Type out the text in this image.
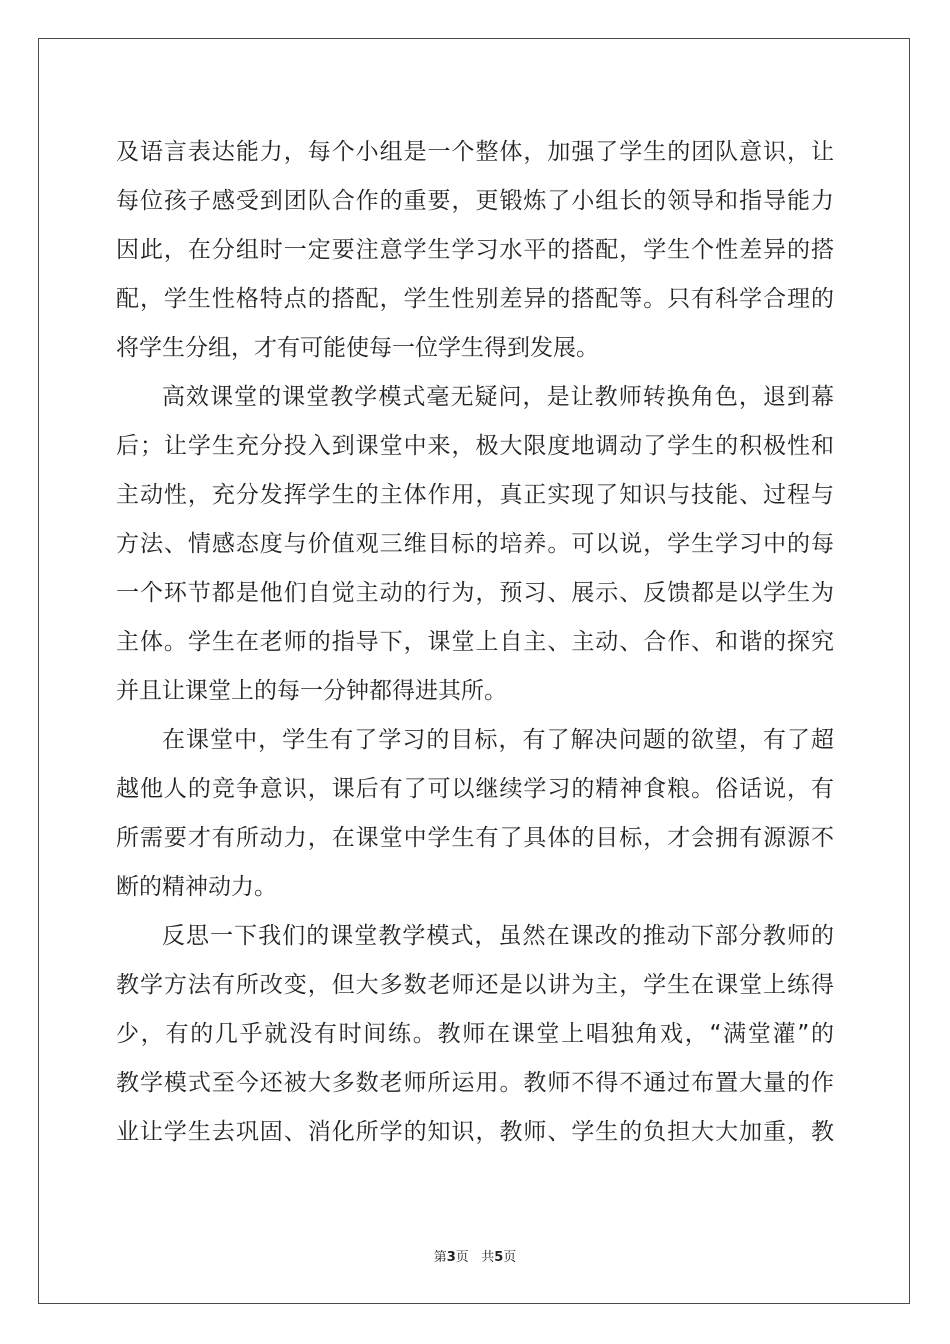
及语言表达能力，每个小组是一个整体，加强了学生的团队意识，让
每位孩子感受到团队合作的重要，更锻炼了小组长的领导和指导能力
因此，在分组时一定要注意学生学习水平的搭配，学生个性差异的搭
配，学生性格特点的搭配，学生性别差异的搭配等。只有科学合理的
将学生分组，才有可能使每一位学生得到发展。
高效课堂的课堂教学模式毫无疑问，是让教师转换角色，退到幕
后；让学生充分投入到课堂中来，极大限度地调动了学生的积极性和
主动性，充分发挥学生的主体作用，真正实现了知识与技能、过程与
方法、情感态度与价值观三维目标的培养。可以说，学生学习中的每
一个环节都是他们自觉主动的行为，预习、展示、反馈都是以学生为
主体。学生在老师的指导下，课堂上自主、主动、合作、和谐的探究
并且让课堂上的每一分钟都得进其所。
在课堂中，学生有了学习的目标，有了解决问题的欲望，有了超
越他人的竞争意识，课后有了可以继续学习的精神食粮。俗话说，有
所需要才有所动力，在课堂中学生有了具体的目标，才会拥有源源不
断的精神动力。
反思一下我们的课堂教学模式，虽然在课改的推动下部分教师的
教学方法有所改变，但大多数老师还是以讲为主，学生在课堂上练得
少，有的几乎就没有时间练。教师在课堂上唱独角戏，“满堂灌”的
教学模式至今还被大多数老师所运用。教师不得不通过布置大量的作
业让学生去巩固、消化所学的知识，教师、学生的负担大大加重，教
第3页 共5页
